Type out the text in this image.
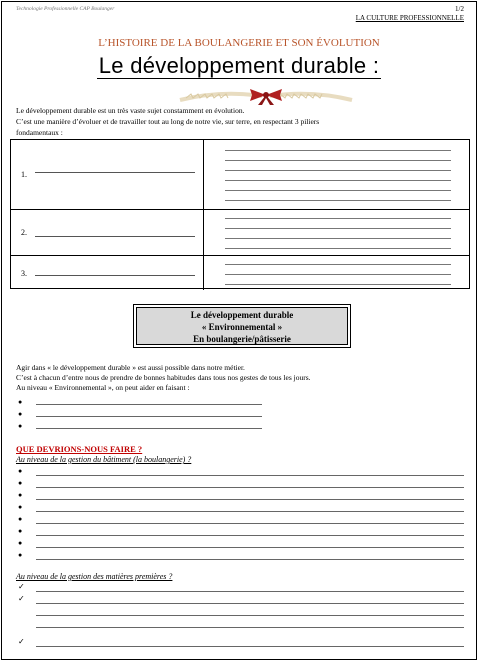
Technologie Professionnelle CAP Boulanger	1/2
LA CULTURE PROFESSIONNELLE
L’HISTOIRE DE LA BOULANGERIE ET SON ÉVOLUTION
Le développement durable :
Le développement durable est un très vaste sujet constamment en évolution.
C’est une manière d’évoluer et de travailler tout au long de notre vie, sur terre, en respectant 3 piliers
fondamentaux :
1.
2.
3.
Le développement durable
« Environnemental »
En boulangerie/pâtisserie
Agir dans « le développement durable » est aussi possible dans notre métier.
C’est à chacun d’entre nous de prendre de bonnes habitudes dans tous nos gestes de tous les jours.
Au niveau « Environnemental », on peut aider en faisant :
●
●
●
QUE DEVRIONS-NOUS FAIRE ?
Au niveau de la gestion du bâtiment (la boulangerie) ?
●
●
●
●
●
●
●
●
Au niveau de la gestion des matières premières ?
✓
✓
✓
